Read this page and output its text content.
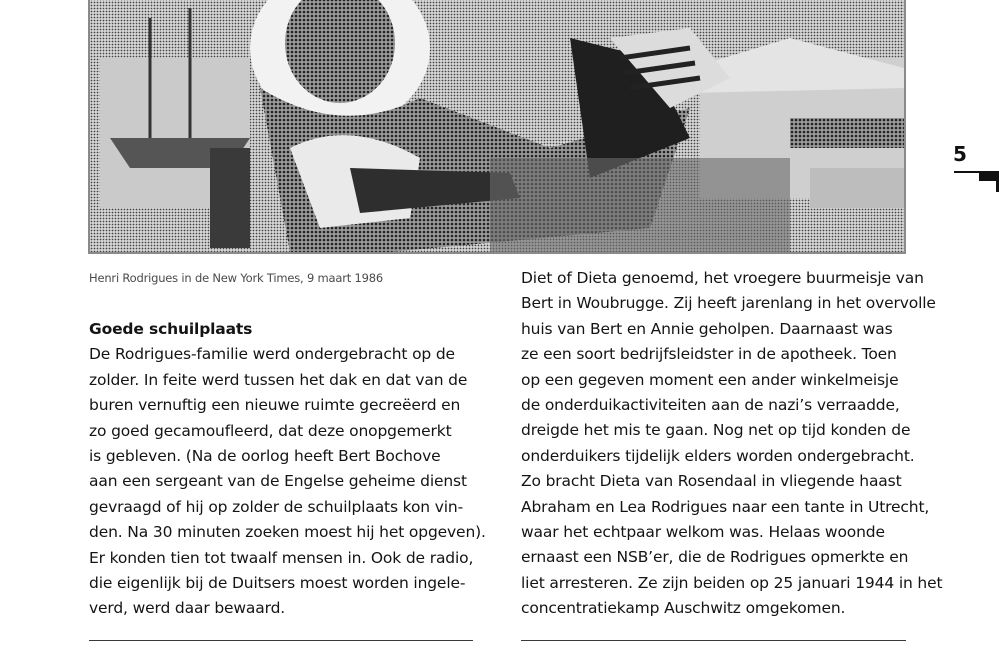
Henri Rodrigues in de New York Times, 9 maart 1986
Goede schuilplaats
De Rodrigues-familie werd ondergebracht op de
zolder. In feite werd tussen het dak en dat van de
buren vernuftig een nieuwe ruimte gecreëerd en
zo goed gecamoufleerd, dat deze onopgemerkt
is gebleven. (Na de oorlog heeft Bert Bochove
aan een sergeant van de Engelse geheime dienst
gevraagd of hij op zolder de schuilplaats kon vin-
den. Na 30 minuten zoeken moest hij het opgeven).
Er konden tien tot twaalf mensen in. Ook de radio,
die eigenlijk bij de Duitsers moest worden ingele-
verd, werd daar bewaard.
Diet of Dieta genoemd, het vroegere buurmeisje van
Bert in Woubrugge. Zij heeft jarenlang in het overvolle
huis van Bert en Annie geholpen. Daarnaast was
ze een soort bedrijfsleidster in de apotheek. Toen
op een gegeven moment een ander winkelmeisje
de onderduikactiviteiten aan de nazi’s verraadde,
dreigde het mis te gaan. Nog net op tijd konden de
onderduikers tijdelijk elders worden ondergebracht.
Zo bracht Dieta van Rosendaal in vliegende haast
Abraham en Lea Rodrigues naar een tante in Utrecht,
waar het echtpaar welkom was. Helaas woonde
ernaast een NSB’er, die de Rodrigues opmerkte en
liet arresteren. Ze zijn beiden op 25 januari 1944 in het
concentratiekamp Auschwitz omgekomen.
5
